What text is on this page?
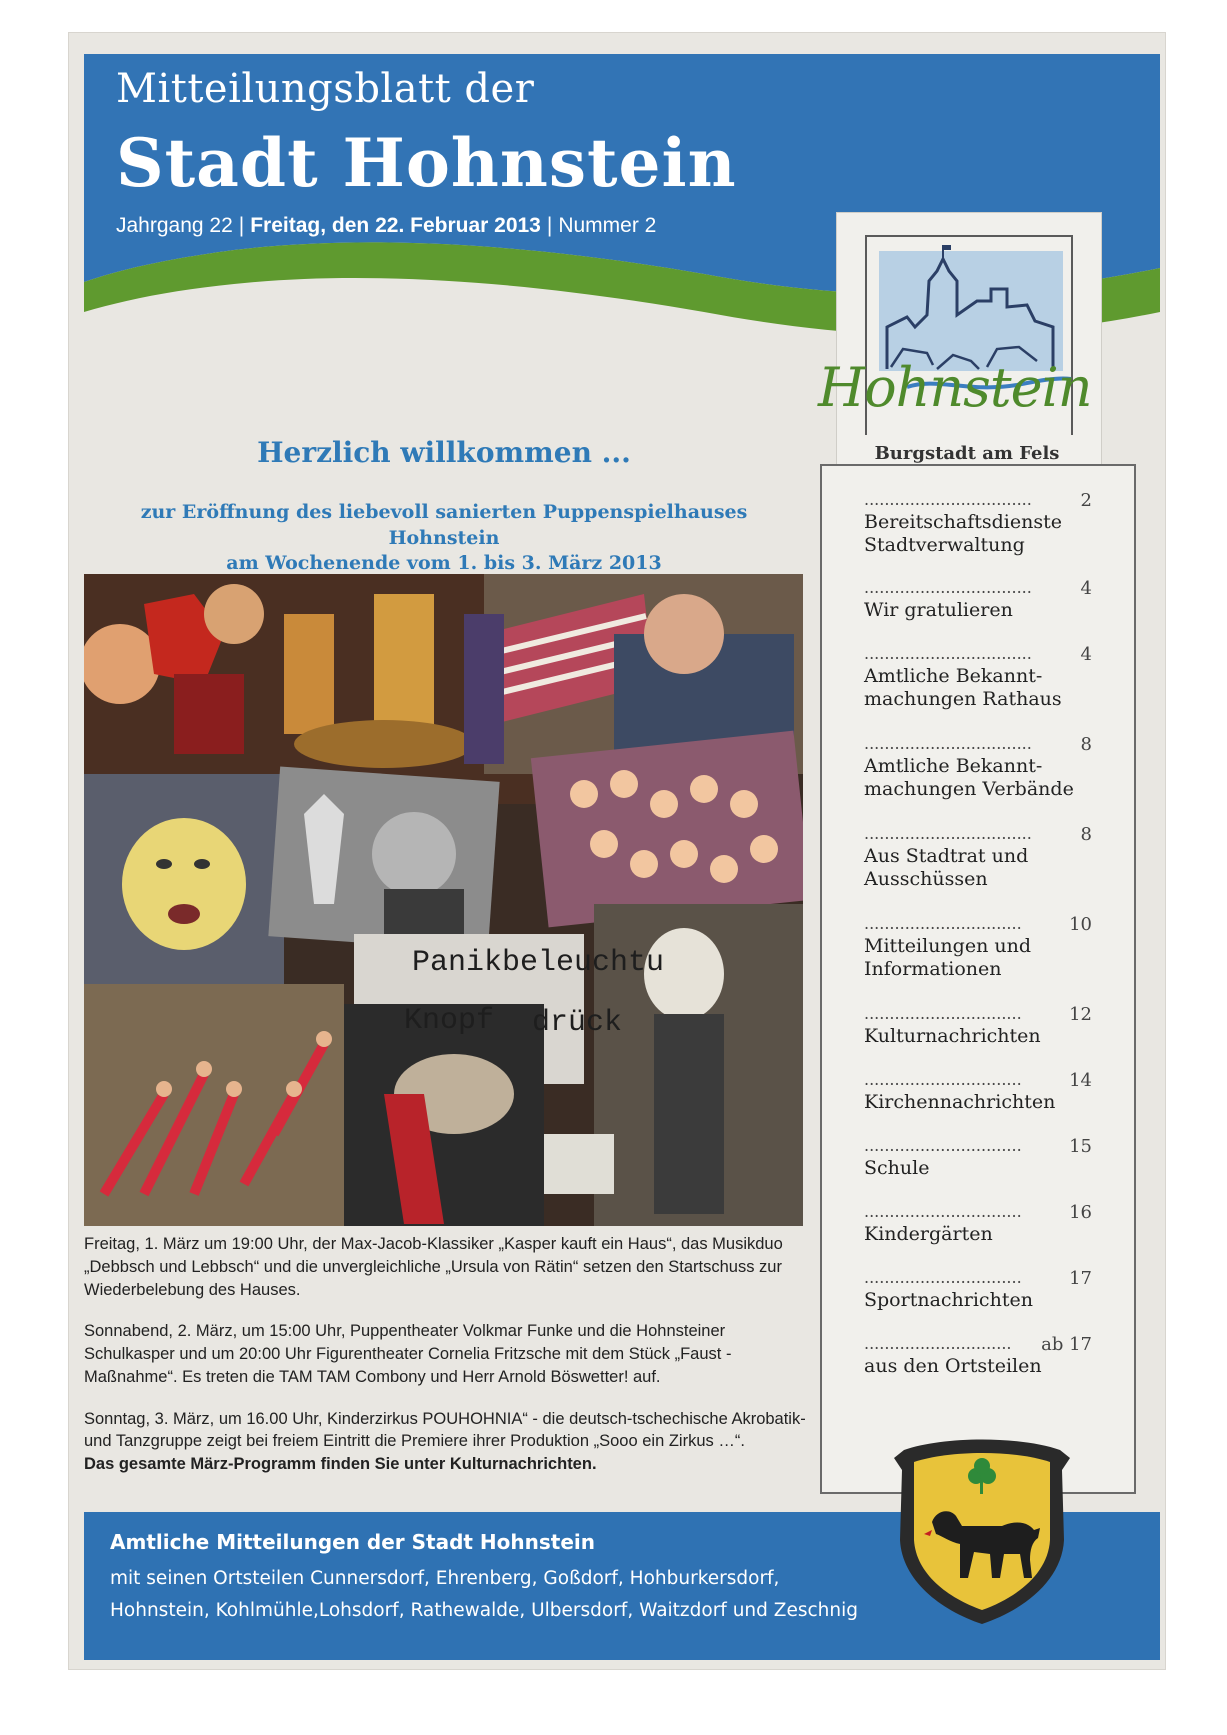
Mitteilungsblatt der
Stadt Hohnstein
Jahrgang 22 | Freitag, den 22. Februar 2013 | Nummer 2
Hohnstein
Burgstadt am Fels
Herzlich willkommen ...
zur Eröffnung des liebevoll sanierten Puppenspielhauses Hohnstein
am Wochenende vom 1. bis 3. März 2013
Panikbeleuchtu
Knopf drück

Freitag, 1. März um 19:00 Uhr, der Max-Jacob-Klassiker „Kasper kauft ein Haus“, das Musikduo „Debbsch und Lebbsch“ und die unvergleichliche „Ursula von Rätin“ setzen den Startschuss zur Wiederbelebung des Hauses.

Sonnabend, 2. März, um 15:00 Uhr, Puppentheater Volkmar Funke und die Hohnsteiner Schulkasper und um 20:00 Uhr Figurentheater Cornelia Fritzsche mit dem Stück „Faust - Maßnahme“. Es treten die TAM TAM Combony und Herr Arnold Böswetter! auf.

Sonntag, 3. März, um 16.00 Uhr, Kinderzirkus POUHOHNIA“ - die deutsch-tschechische Akrobatik- und Tanzgruppe zeigt bei freiem Eintritt die Premiere ihrer Produktion „Sooo ein Zirkus …“.

Das gesamte März-Programm finden Sie unter Kulturnachrichten.

.................................	2
Bereitschaftsdienste
Stadtverwaltung
.................................	4
Wir gratulieren
.................................	4
Amtliche Bekannt-
machungen Rathaus
.................................	8
Amtliche Bekannt-
machungen Verbände
.................................	8
Aus Stadtrat und
Ausschüssen
...............................	10
Mitteilungen und
Informationen
...............................	12
Kulturnachrichten
...............................	14
Kirchennachrichten
...............................	15
Schule
...............................	16
Kindergärten
...............................	17
Sportnachrichten
............................. ab 17
aus den Ortsteilen
Amtliche Mitteilungen der Stadt Hohnstein
mit seinen Ortsteilen Cunnersdorf, Ehrenberg, Goßdorf, Hohburkersdorf,
Hohnstein, Kohlmühle,Lohsdorf, Rathewalde, Ulbersdorf, Waitzdorf und Zeschnig
